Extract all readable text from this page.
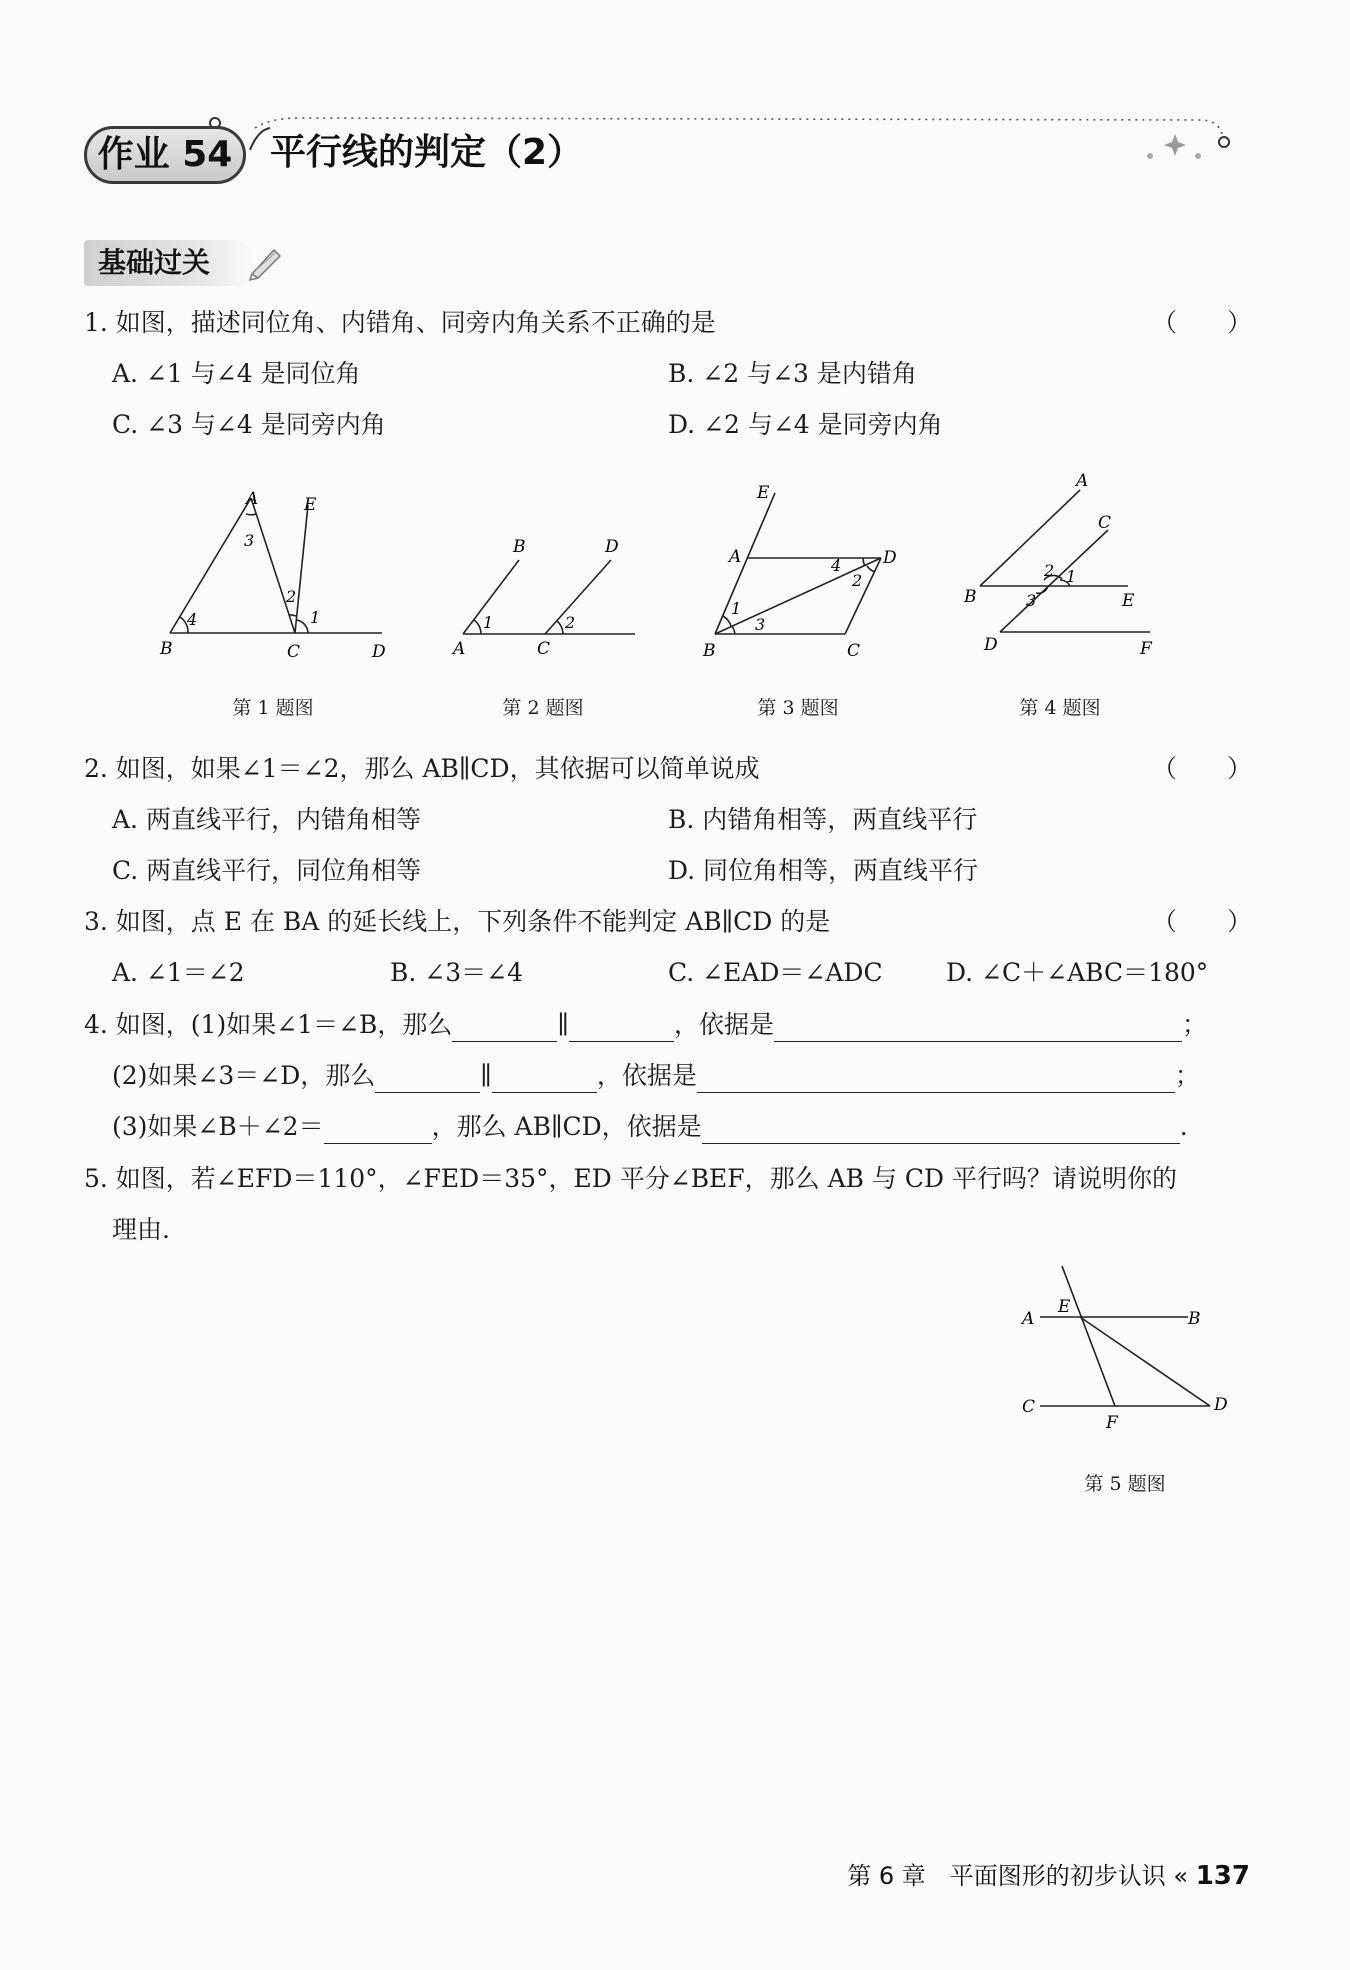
作业 54	平行线的判定（2）
基础过关
1. 如图，描述同位角、内错角、同旁内角关系不正确的是	（　　）
A. ∠1 与∠4 是同位角	B. ∠2 与∠3 是内错角
C. ∠3 与∠4 是同旁内角	D. ∠2 与∠4 是同旁内角
A	E
3
2
1
4
B	C	D
第 1 题图
B	D
1	2
A	C
第 2 题图
E
A	D
4
2
1
3
B	C
第 3 题图
A
C
2 1
3
B	E
D	F
第 4 题图
2. 如图，如果∠1＝∠2，那么 AB∥CD，其依据可以简单说成	（　　）
A. 两直线平行，内错角相等	B. 内错角相等，两直线平行
C. 两直线平行，同位角相等	D. 同位角相等，两直线平行
3. 如图，点 E 在 BA 的延长线上，下列条件不能判定 AB∥CD 的是	（　　）
A. ∠1＝∠2	B. ∠3＝∠4	C. ∠EAD＝∠ADC	D. ∠C＋∠ABC＝180°
4. 如图，(1)如果∠1＝∠B，那么	∥	，依据是	；
(2)如果∠3＝∠D，那么	∥	，依据是	；
(3)如果∠B＋∠2＝	，那么 AB∥CD，依据是	.
5. 如图，若∠EFD＝110°，∠FED＝35°，ED 平分∠BEF，那么 AB 与 CD 平行吗？请说明你的
理由.
A
E
B
C
F
D
第 5 题图
第 6 章　平面图形的初步认识 « 137
